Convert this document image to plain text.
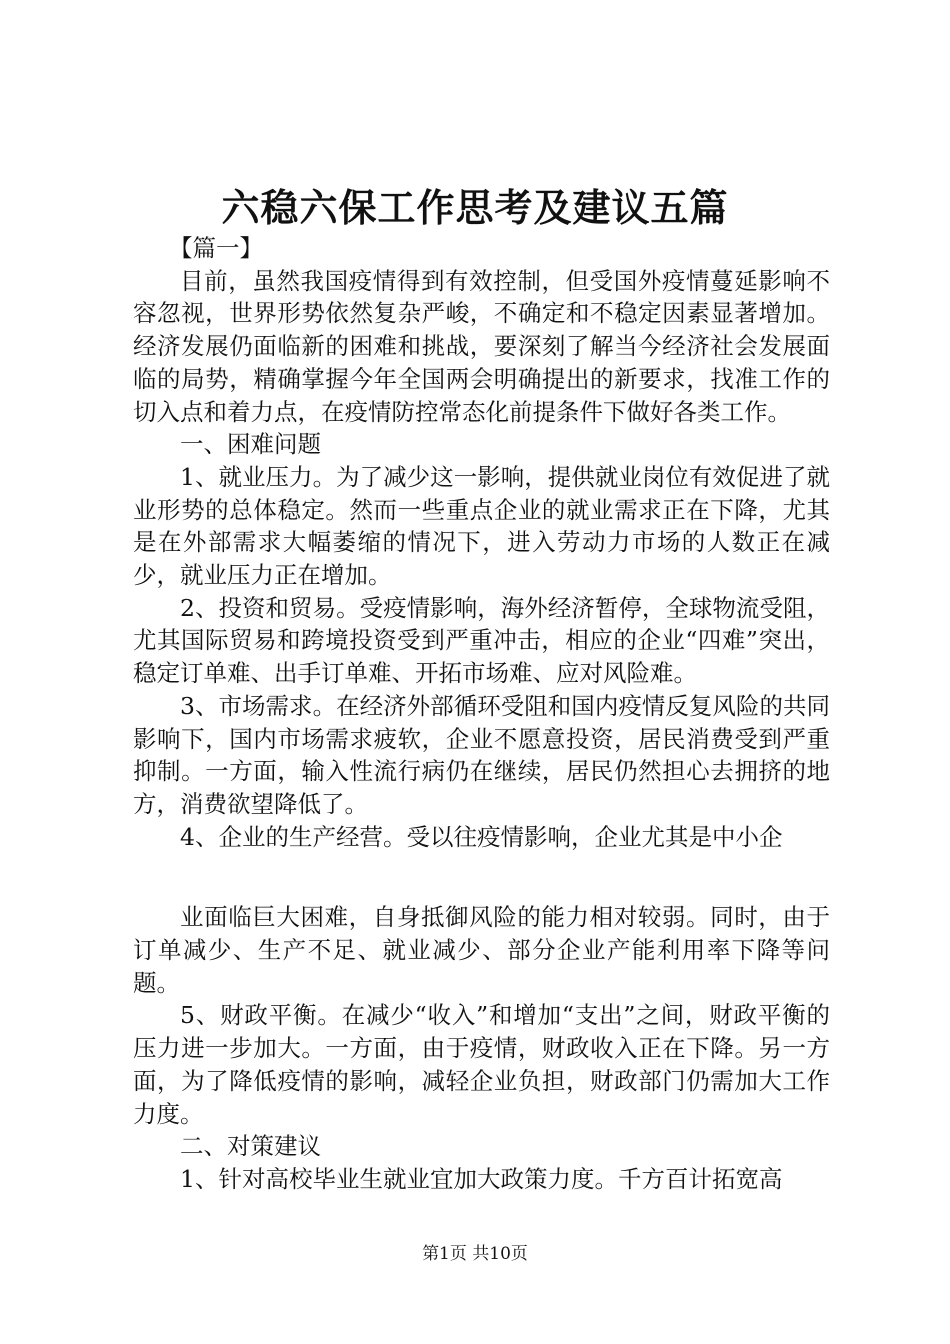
六稳六保工作思考及建议五篇

【篇一】

目前，虽然我国疫情得到有效控制，但受国外疫情蔓延影响不容忽视，世界形势依然复杂严峻，不确定和不稳定因素显著增加。经济发展仍面临新的困难和挑战，要深刻了解当今经济社会发展面临的局势，精确掌握今年全国两会明确提出的新要求，找准工作的切入点和着力点，在疫情防控常态化前提条件下做好各类工作。

一、困难问题

1、就业压力。为了减少这一影响，提供就业岗位有效促进了就业形势的总体稳定。然而一些重点企业的就业需求正在下降，尤其是在外部需求大幅萎缩的情况下，进入劳动力市场的人数正在减少，就业压力正在增加。

2、投资和贸易。受疫情影响，海外经济暂停，全球物流受阻，尤其国际贸易和跨境投资受到严重冲击，相应的企业“四难”突出，稳定订单难、出手订单难、开拓市场难、应对风险难。

3、市场需求。在经济外部循环受阻和国内疫情反复风险的共同影响下，国内市场需求疲软，企业不愿意投资，居民消费受到严重抑制。一方面，输入性流行病仍在继续，居民仍然担心去拥挤的地方，消费欲望降低了。

4、企业的生产经营。受以往疫情影响，企业尤其是中小企

业面临巨大困难，自身抵御风险的能力相对较弱。同时，由于订单减少、生产不足、就业减少、部分企业产能利用率下降等问题。

5、财政平衡。在减少“收入”和增加“支出”之间，财政平衡的压力进一步加大。一方面，由于疫情，财政收入正在下降。另一方面，为了降低疫情的影响，减轻企业负担，财政部门仍需加大工作力度。

二、对策建议

1、针对高校毕业生就业宜加大政策力度。千方百计拓宽高

第1页 共10页
